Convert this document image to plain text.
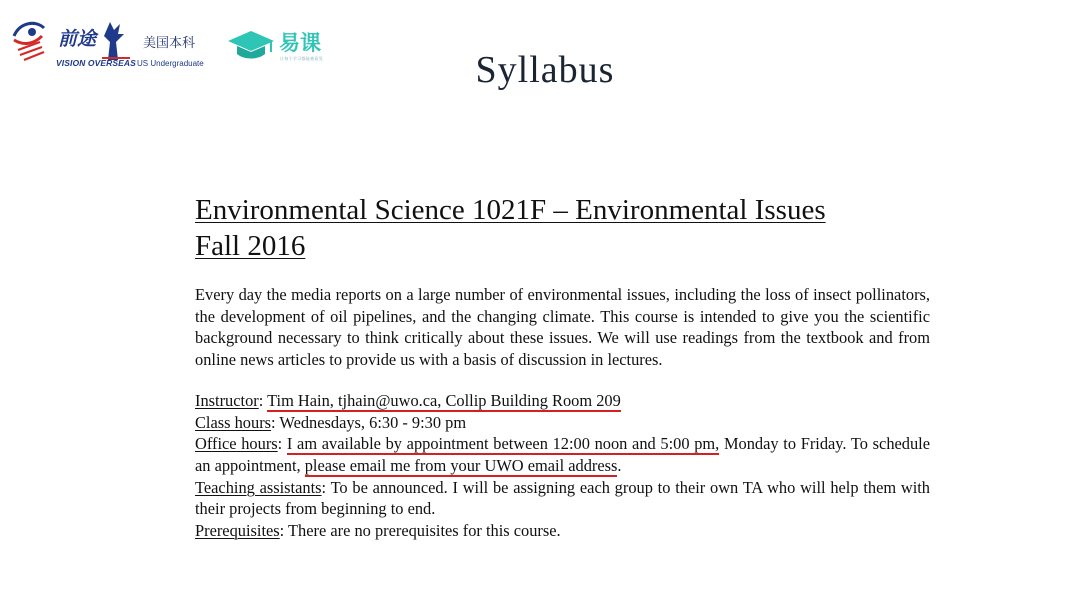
前途	美国本科
VISION OVERSEAS US Undergraduate
易课
让每个学习都能被看见	Syllabus
Environmental Science 1021F – Environmental Issues
Fall 2016

Every day the media reports on a large number of environmental issues, including the loss of insect pollinators, the development of oil pipelines, and the changing climate. This course is intended to give you the scientific background necessary to think critically about these issues. We will use readings from the textbook and from online news articles to provide us with a basis of discussion in lectures.

Instructor: Tim Hain, tjhain@uwo.ca, Collip Building Room 209
Class hours: Wednesdays, 6:30 - 9:30 pm
Office hours: I am available by appointment between 12:00 noon and 5:00 pm, Monday to Friday. To schedule an appointment, please email me from your UWO email address.
Teaching assistants: To be announced. I will be assigning each group to their own TA who will help them with their projects from beginning to end.
Prerequisites: There are no prerequisites for this course.
